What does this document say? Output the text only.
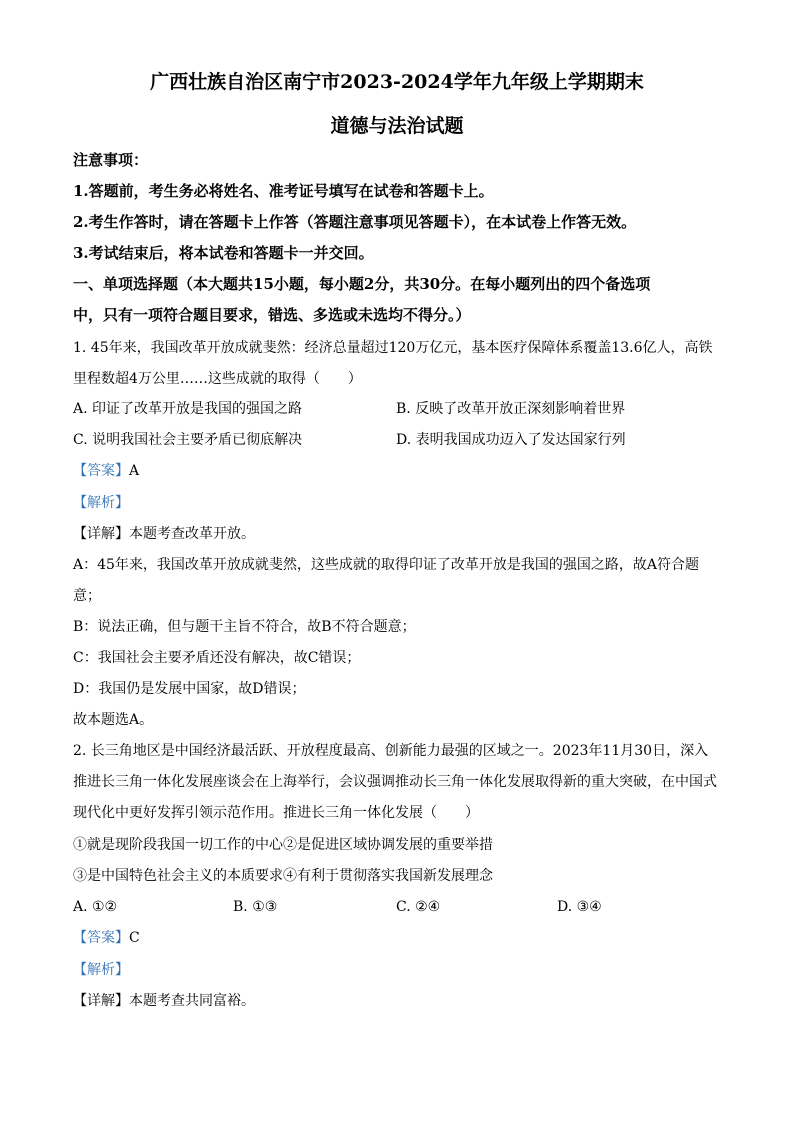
广西壮族自治区南宁市2023-2024学年九年级上学期期末
道德与法治试题
注意事项：
1.答题前，考生务必将姓名、准考证号填写在试卷和答题卡上。
2.考生作答时，请在答题卡上作答（答题注意事项见答题卡），在本试卷上作答无效。
3.考试结束后，将本试卷和答题卡一并交回。
一、单项选择题（本大题共15小题，每小题2分，共30分。在每小题列出的四个备选项
中，只有一项符合题目要求，错选、多选或未选均不得分。）
1. 45年来，我国改革开放成就斐然：经济总量超过120万亿元，基本医疗保障体系覆盖13.6亿人，高铁
里程数超4万公里……这些成就的取得（　　）
A. 印证了改革开放是我国的强国之路	B. 反映了改革开放正深刻影响着世界
C. 说明我国社会主要矛盾已彻底解决	D. 表明我国成功迈入了发达国家行列
【答案】A
【解析】
【详解】本题考查改革开放。
A：45年来，我国改革开放成就斐然，这些成就的取得印证了改革开放是我国的强国之路，故A符合题
意；
B：说法正确，但与题干主旨不符合，故B不符合题意；
C：我国社会主要矛盾还没有解决，故C错误；
D：我国仍是发展中国家，故D错误；
故本题选A。
2. 长三角地区是中国经济最活跃、开放程度最高、创新能力最强的区域之一。2023年11月30日，深入
推进长三角一体化发展座谈会在上海举行，会议强调推动长三角一体化发展取得新的重大突破，在中国式
现代化中更好发挥引领示范作用。推进长三角一体化发展（　　）
①就是现阶段我国一切工作的中心②是促进区域协调发展的重要举措
③是中国特色社会主义的本质要求④有利于贯彻落实我国新发展理念
A. ①②	B. ①③	C. ②④	D. ③④
【答案】C
【解析】
【详解】本题考查共同富裕。
